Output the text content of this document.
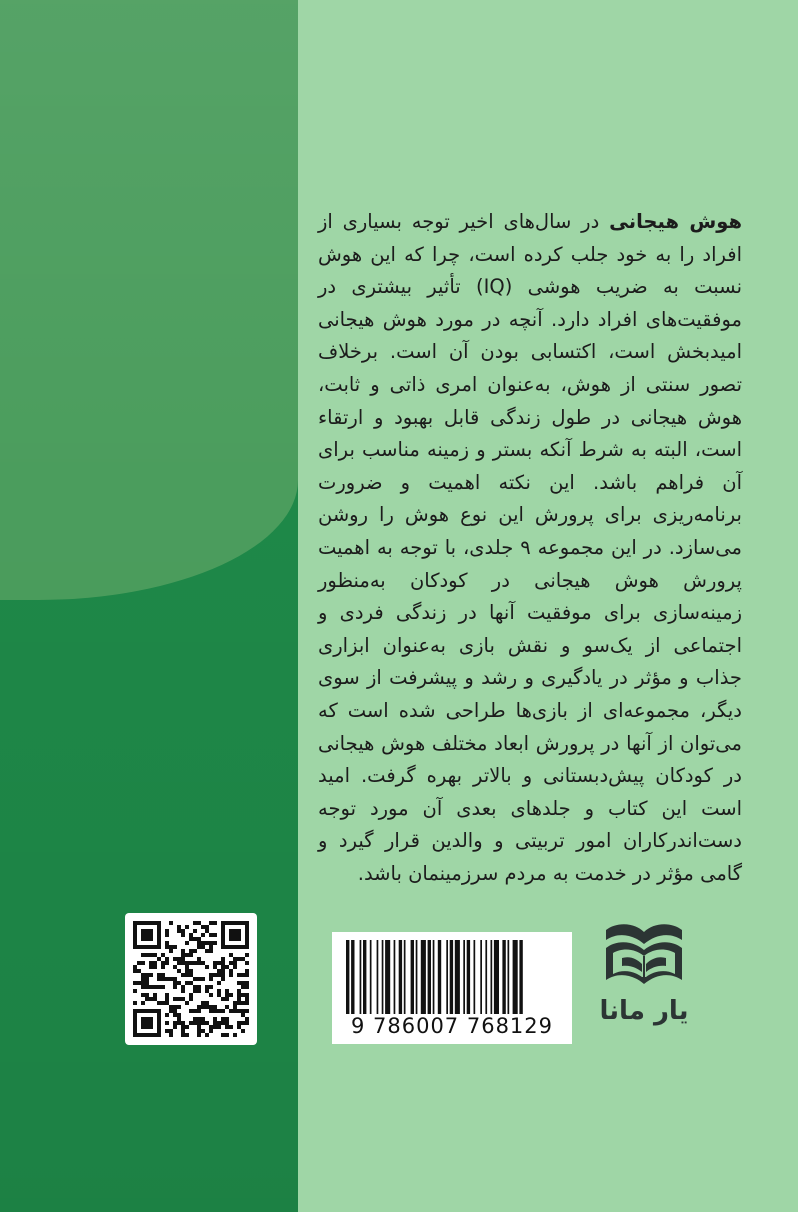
هوش هیجانی در سال‌های اخیر توجه بسیاری از افراد را به خود جلب کرده است، چرا که این هوش نسبت به ضریب هوشی (IQ) تأثیر بیشتری در موفقیت‌های افراد دارد. آنچه در مورد هوش هیجانی امیدبخش است، اکتسابی بودن آن است. برخلاف تصور سنتی از هوش، به‌عنوان امری ذاتی و ثابت، هوش هیجانی در طول زندگی قابل بهبود و ارتقاء است، البته به شرط آنکه بستر و زمینه مناسب برای آن فراهم باشد. این نکته اهمیت و ضرورت برنامه‌ریزی برای پرورش این نوع هوش را روشن می‌سازد. در این مجموعه ۹ جلدی، با توجه به اهمیت پرورش هوش هیجانی در کودکان به‌منظور زمینه‌سازی برای موفقیت آنها در زندگی فردی و اجتماعی از یک‌سو و نقش بازی به‌عنوان ابزاری جذاب و مؤثر در یادگیری و رشد و پیشرفت از سوی دیگر، مجموعه‌ای از بازی‌ها طراحی شده است که می‌توان از آنها در پرورش ابعاد مختلف هوش هیجانی در کودکان پیش‌دبستانی و بالاتر بهره گرفت. امید است این کتاب و جلدهای بعدی آن مورد توجه دست‌اندرکاران امور تربیتی و والدین قرار گیرد و گامی مؤثر در خدمت به مردم سرزمینمان باشد.

9 786007 768129	یار مانا
